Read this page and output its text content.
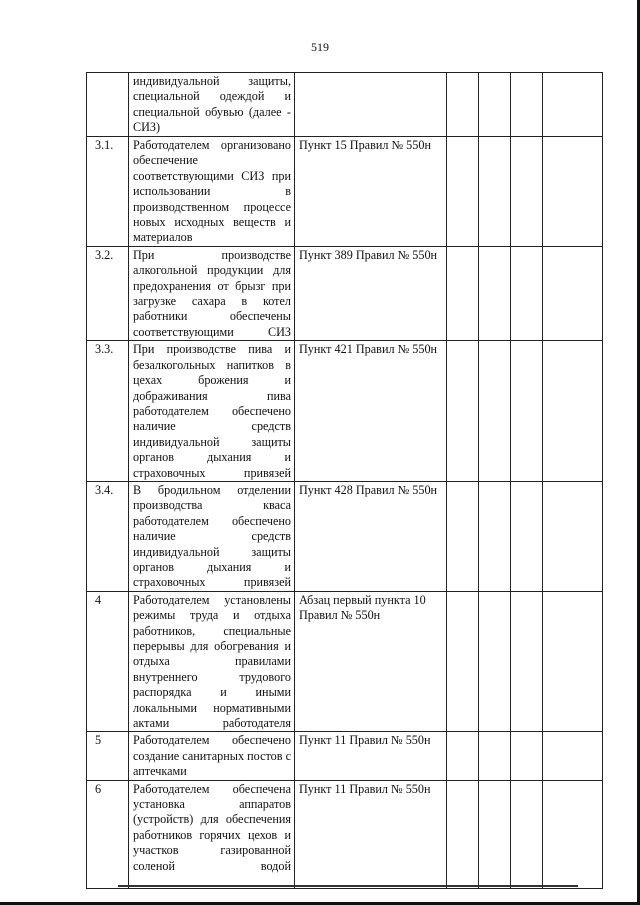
519
	индивидуальной защиты, специальной одеждой и специальной обувью (далее - СИЗ)					
3.1.	Работодателем организовано обеспечение соответствующими СИЗ при использовании в производственном процессе новых исходных веществ и материалов	Пункт 15 Правил № 550н				
3.2.	При производстве алкогольной продукции для предохранения от брызг при загрузке сахара в котел работники обеспечены соответствующими СИЗ	Пункт 389 Правил № 550н				
3.3.	При производстве пива и безалкогольных напитков в цехах брожения и дображивания пива работодателем обеспечено наличие средств индивидуальной защиты органов дыхания и страховочных привязей	Пункт 421 Правил № 550н				
3.4.	В бродильном отделении производства кваса работодателем обеспечено наличие средств индивидуальной защиты органов дыхания и страховочных привязей	Пункт 428 Правил № 550н				
4	Работодателем установлены режимы труда и отдыха работников, специальные перерывы для обогревания и отдыха правилами внутреннего трудового распорядка и иными локальными нормативными актами работодателя	Абзац первый пункта 10 Правил № 550н				
5	Работодателем обеспечено создание санитарных постов с аптечками	Пункт 11 Правил № 550н				
6	Работодателем обеспечена установка аппаратов (устройств) для обеспечения работников горячих цехов и участков газированной соленой водой	Пункт 11 Правил № 550н				
